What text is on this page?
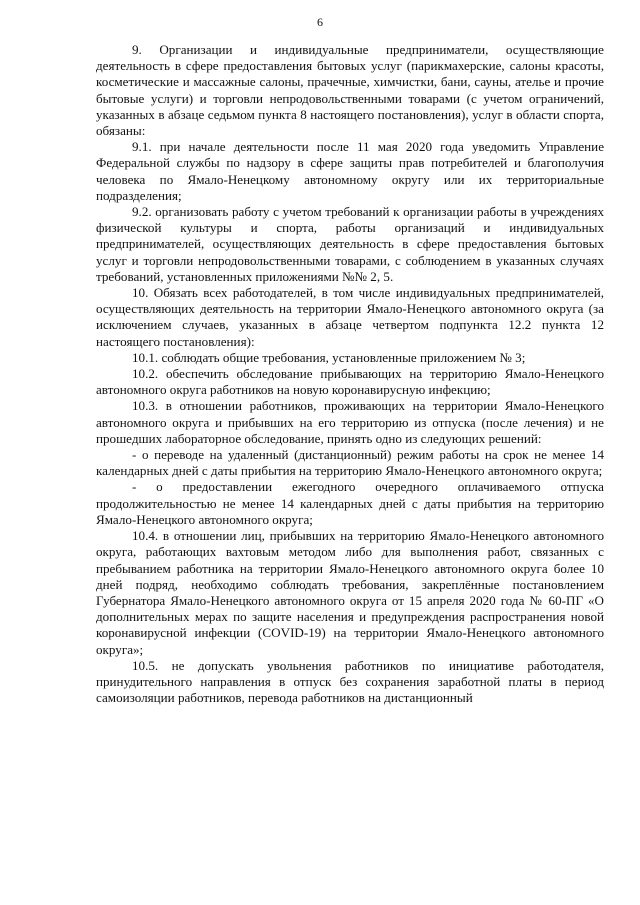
6

9. Организации и индивидуальные предприниматели, осуществляющие деятельность в сфере предоставления бытовых услуг (парикмахерские, салоны красоты, косметические и массажные салоны, прачечные, химчистки, бани, сауны, ателье и прочие бытовые услуги) и торговли непродовольственными товарами (с учетом ограничений, указанных в абзаце седьмом пункта 8 настоящего постановления), услуг в области спорта, обязаны:

9.1. при начале деятельности после 11 мая 2020 года уведомить Управление Федеральной службы по надзору в сфере защиты прав потребителей и благополучия человека по Ямало-Ненецкому автономному округу или их территориальные подразделения;

9.2. организовать работу с учетом требований к организации работы в учреждениях физической культуры и спорта, работы организаций и индивидуальных предпринимателей, осуществляющих деятельность в сфере предоставления бытовых услуг и торговли непродовольственными товарами, с соблюдением в указанных случаях требований, установленных приложениями №№ 2, 5.

10. Обязать всех работодателей, в том числе индивидуальных предпринимателей, осуществляющих деятельность на территории Ямало-Ненецкого автономного округа (за исключением случаев, указанных в абзаце четвертом подпункта 12.2 пункта 12 настоящего постановления):

10.1. соблюдать общие требования, установленные приложением № 3;

10.2. обеспечить обследование прибывающих на территорию Ямало-Ненецкого автономного округа работников на новую коронавирусную инфекцию;

10.3. в отношении работников, проживающих на территории Ямало-Ненецкого автономного округа и прибывших на его территорию из отпуска (после лечения) и не прошедших лабораторное обследование, принять одно из следующих решений:

- о переводе на удаленный (дистанционный) режим работы на срок не менее 14 календарных дней с даты прибытия на территорию Ямало-Ненецкого автономного округа;

- о предоставлении ежегодного очередного оплачиваемого отпуска продолжительностью не менее 14 календарных дней с даты прибытия на территорию Ямало-Ненецкого автономного округа;

10.4. в отношении лиц, прибывших на территорию Ямало-Ненецкого автономного округа, работающих вахтовым методом либо для выполнения работ, связанных с пребыванием работника на территории Ямало-Ненецкого автономного округа более 10 дней подряд, необходимо соблюдать требования, закреплённые постановлением Губернатора Ямало-Ненецкого автономного округа от 15 апреля 2020 года № 60-ПГ «О дополнительных мерах по защите населения и предупреждения распространения новой коронавирусной инфекции (COVID-19) на территории Ямало-Ненецкого автономного округа»;

10.5. не допускать увольнения работников по инициативе работодателя, принудительного направления в отпуск без сохранения заработной платы в период самоизоляции работников, перевода работников на дистанционный
